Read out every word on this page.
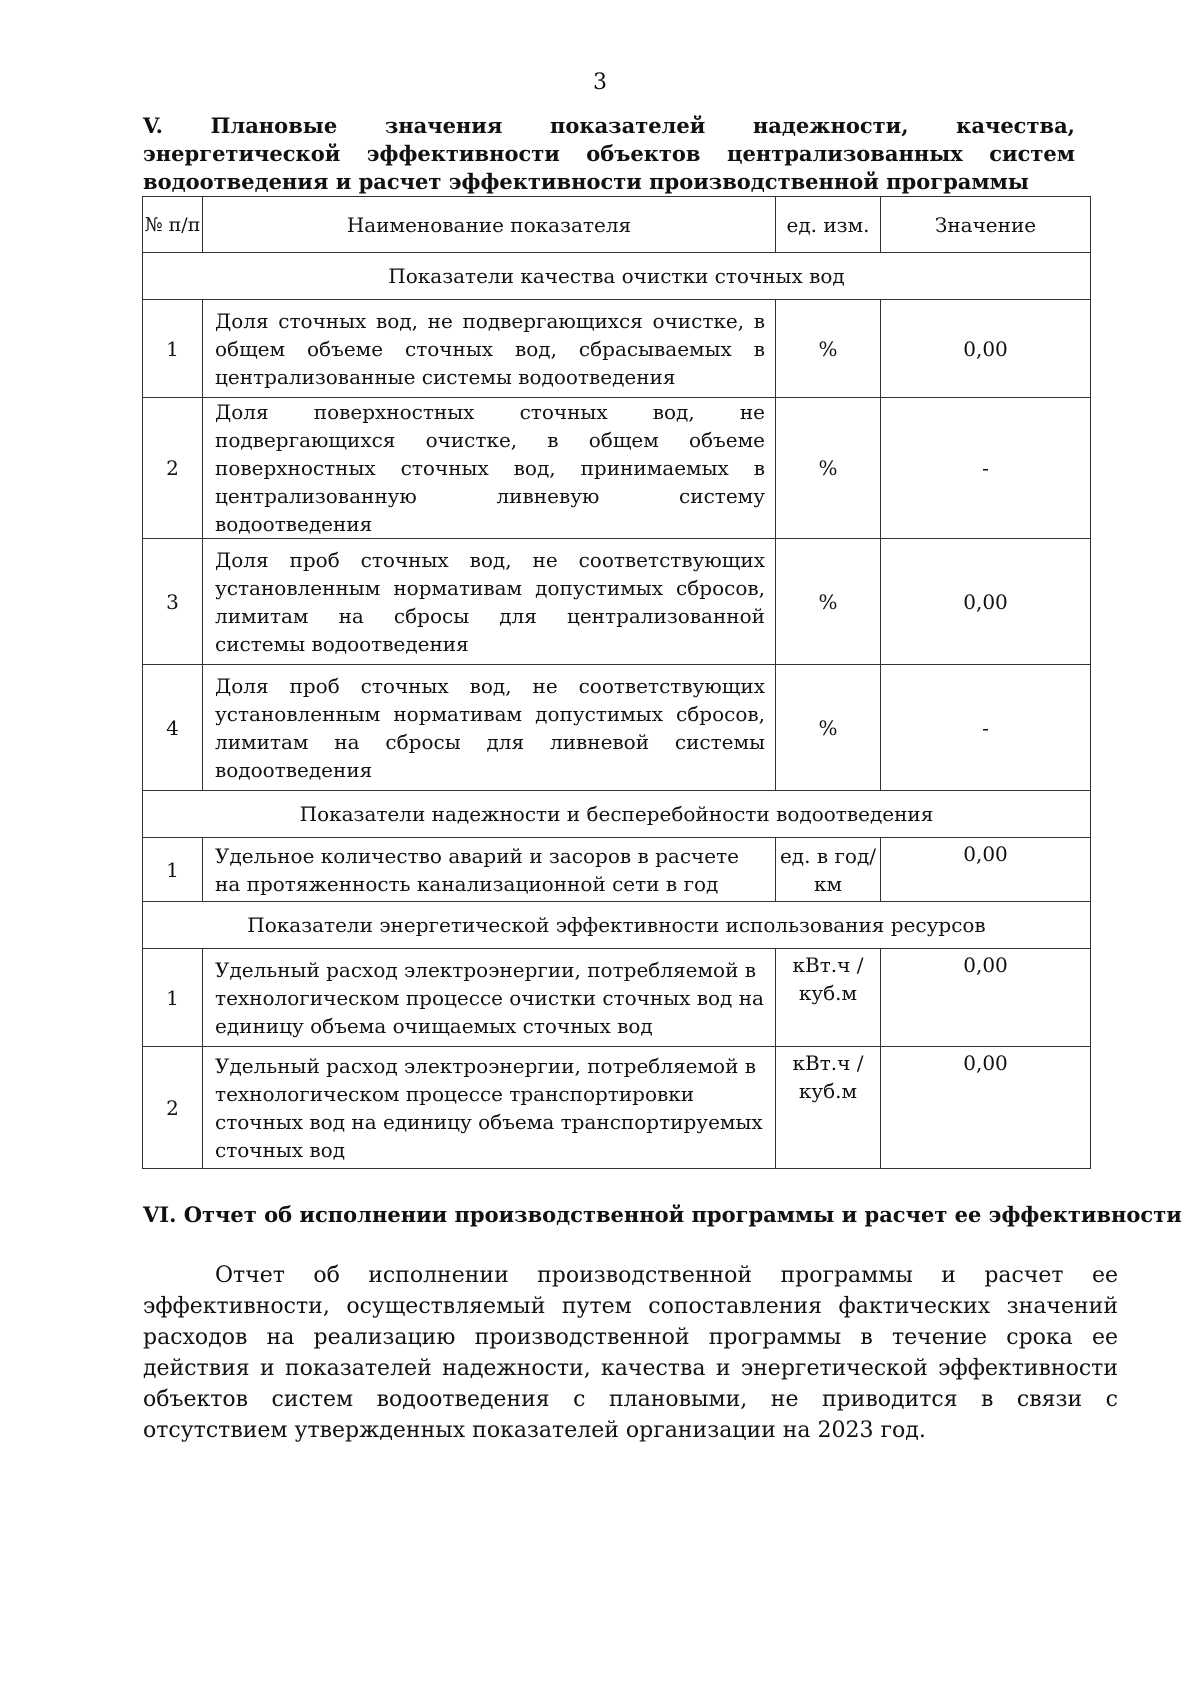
3
V. Плановые значения показателей надежности, качества, энергетической эффективности объектов централизованных систем водоотведения и расчет эффективности производственной программы
№ п/п	Наименование показателя	ед. изм.	Значение
Показатели качества очистки сточных вод			
1	Доля сточных вод, не подвергающихся очистке, в общем объеме сточных вод, сбрасываемых в централизованные системы водоотведения	%	0,00
2	Доля поверхностных сточных вод, не подвергающихся очистке, в общем объеме поверхностных сточных вод, принимаемых в централизованную ливневую систему водоотведения	%	-
3	Доля проб сточных вод, не соответствующих установленным нормативам допустимых сбросов, лимитам на сбросы для централизованной системы водоотведения	%	0,00
4	Доля проб сточных вод, не соответствующих установленным нормативам допустимых сбросов, лимитам на сбросы для ливневой системы водоотведения	%	-
Показатели надежности и бесперебойности водоотведения			
1	Удельное количество аварий и засоров в расчете на протяженность канализационной сети в год	ед. в год/ км	0,00
Показатели энергетической эффективности использования ресурсов			
1	Удельный расход электроэнергии, потребляемой в технологическом процессе очистки сточных вод на единицу объема очищаемых сточных вод	кВт.ч / куб.м	0,00
2	Удельный расход электроэнергии, потребляемой в технологическом процессе транспортировки сточных вод на единицу объема транспортируемых сточных вод	кВт.ч / куб.м	0,00
VI. Отчет об исполнении производственной программы и расчет ее эффективности
Отчет об исполнении производственной программы и расчет ее эффективности, осуществляемый путем сопоставления фактических значений расходов на реализацию производственной программы в течение срока ее действия и показателей надежности, качества и энергетической эффективности объектов систем водоотведения с плановыми, не приводится в связи с отсутствием утвержденных показателей организации на 2023 год.
